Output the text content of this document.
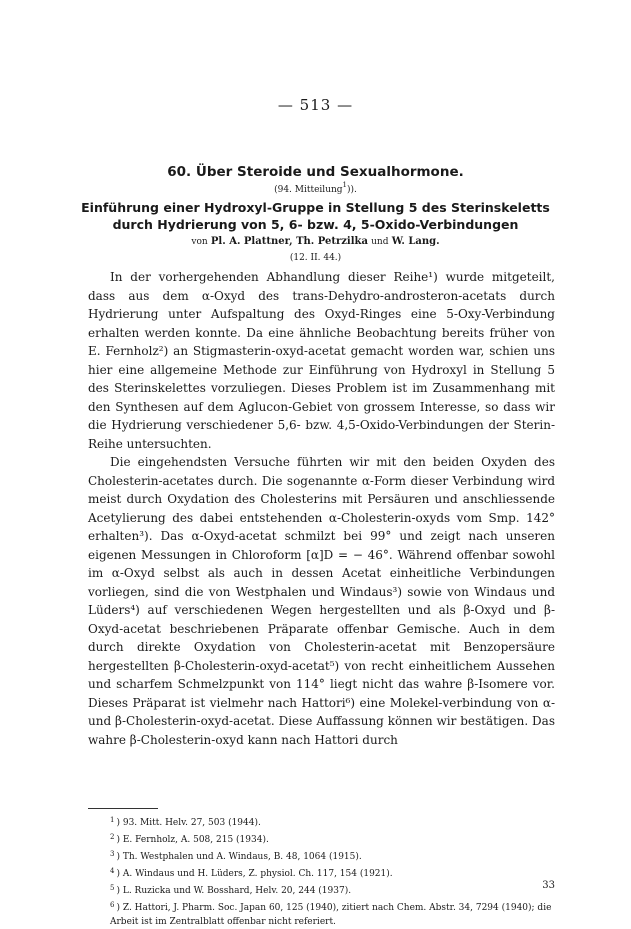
— 513 —
60. Über Steroide und Sexualhormone.
(94. Mitteilung$^1$)).
Einführung einer Hydroxyl-Gruppe in Stellung 5 des Sterinskeletts
durch Hydrierung von 5, 6- bzw. 4, 5-Oxido-Verbindungen
von Pl. A. Plattner, Th. Petrzilka und W. Lang.
(12. II. 44.)

In der vorhergehenden Abhandlung dieser Reihe¹) wurde mitgeteilt, dass aus dem α-Oxyd des trans-Dehydro-androsteron-acetats durch Hydrierung unter Aufspaltung des Oxyd-Ringes eine 5-Oxy-Verbindung erhalten werden konnte. Da eine ähnliche Beobachtung bereits früher von E. Fernholz²) an Stigmasterin-oxyd-acetat gemacht worden war, schien uns hier eine allgemeine Methode zur Einführung von Hydroxyl in Stellung 5 des Sterinskelettes vorzuliegen. Dieses Problem ist im Zusammenhang mit den Synthesen auf dem Aglucon-Gebiet von grossem Interesse, so dass wir die Hydrierung verschiedener 5,6- bzw. 4,5-Oxido-Verbindungen der Sterin-Reihe untersuchten.

Die eingehendsten Versuche führten wir mit den beiden Oxyden des Cholesterin-acetates durch. Die sogenannte α-Form dieser Verbindung wird meist durch Oxydation des Cholesterins mit Persäuren und anschliessende Acetylierung des dabei entstehenden α-Cholesterin-oxyds vom Smp. 142° erhalten³). Das α-Oxyd-acetat schmilzt bei 99° und zeigt nach unseren eigenen Messungen in Chloroform [α]D = − 46°. Während offenbar sowohl im α-Oxyd selbst als auch in dessen Acetat einheitliche Verbindungen vorliegen, sind die von Westphalen und Windaus³) sowie von Windaus und Lüders⁴) auf verschiedenen Wegen hergestellten und als β-Oxyd und β-Oxyd-acetat beschriebenen Präparate offenbar Gemische. Auch in dem durch direkte Oxydation von Cholesterin-acetat mit Benzopersäure hergestellten β-Cholesterin-oxyd-acetat⁵) von recht einheitlichem Aussehen und scharfem Schmelzpunkt von 114° liegt nicht das wahre β-Isomere vor. Dieses Präparat ist vielmehr nach Hattori⁶) eine Molekel-verbindung von α- und β-Cholesterin-oxyd-acetat. Diese Auffassung können wir bestätigen. Das wahre β-Cholesterin-oxyd kann nach Hattori durch

$^1$ ) 93. Mitt. Helv. 27, 503 (1944).
$^2$ ) E. Fernholz, A. 508, 215 (1934).
$^3$ ) Th. Westphalen und A. Windaus, B. 48, 1064 (1915).
$^4$ ) A. Windaus und H. Lüders, Z. physiol. Ch. 117, 154 (1921).
$^5$ ) L. Ruzicka und W. Bosshard, Helv. 20, 244 (1937).
$^6$ ) Z. Hattori, J. Pharm. Soc. Japan 60, 125 (1940), zitiert nach Chem. Abstr. 34, 7294 (1940); die Arbeit ist im Zentralblatt offenbar nicht referiert.
33
